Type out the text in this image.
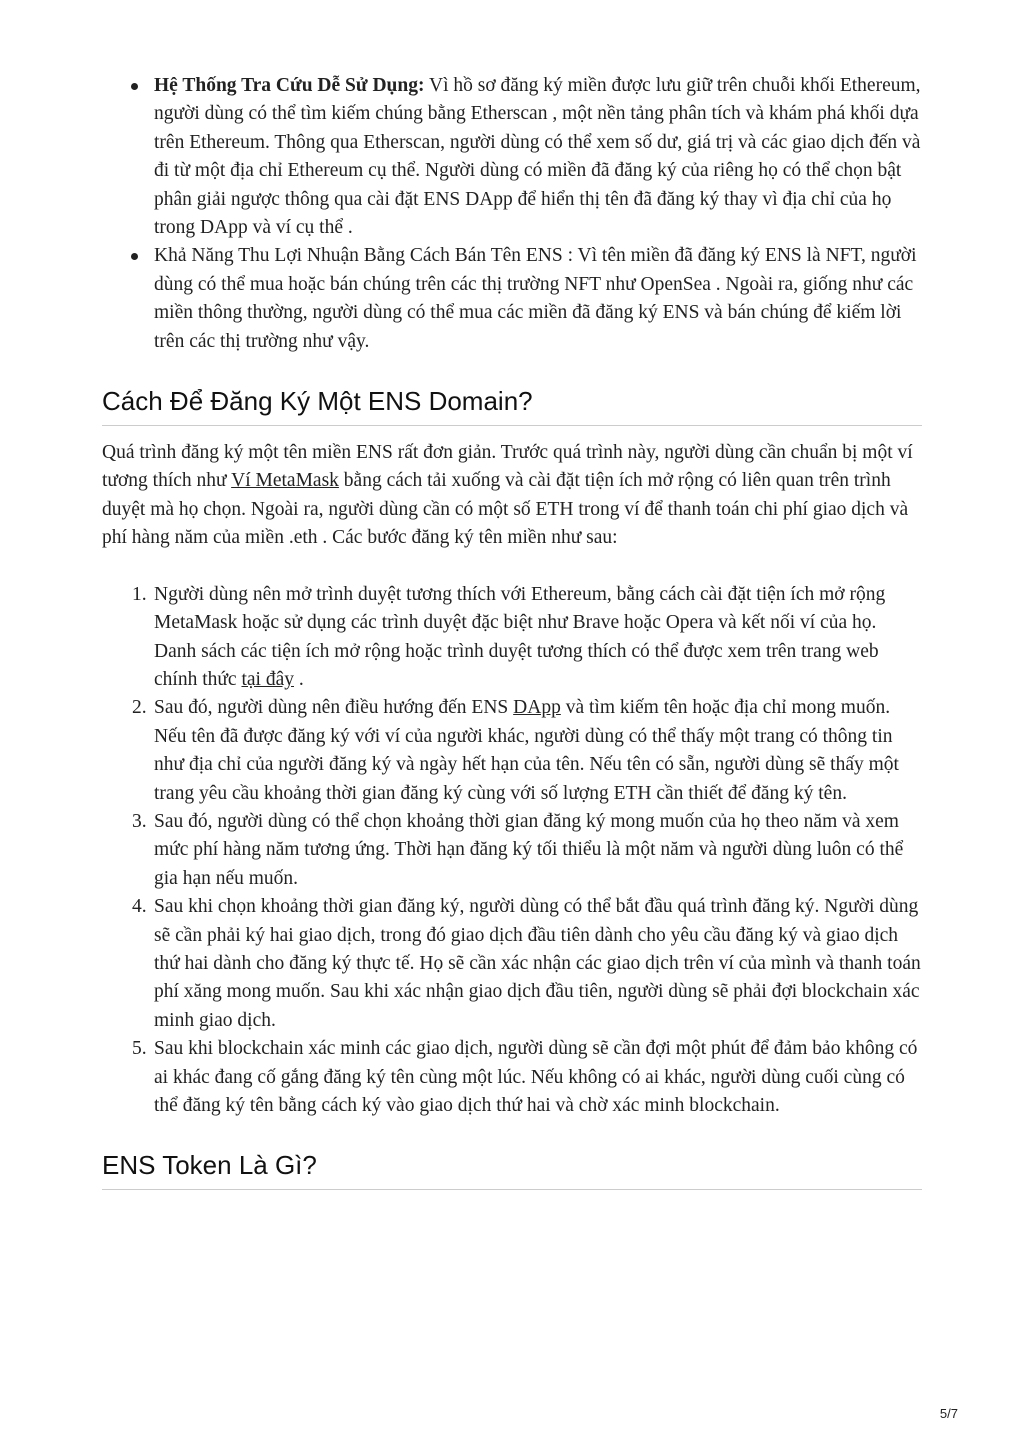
Hệ Thống Tra Cứu Dễ Sử Dụng: Vì hồ sơ đăng ký miền được lưu giữ trên chuỗi khối Ethereum, người dùng có thể tìm kiếm chúng bằng Etherscan , một nền tảng phân tích và khám phá khối dựa trên Ethereum. Thông qua Etherscan, người dùng có thể xem số dư, giá trị và các giao dịch đến và đi từ một địa chỉ Ethereum cụ thể. Người dùng có miền đã đăng ký của riêng họ có thể chọn bật phân giải ngược thông qua cài đặt ENS DApp để hiển thị tên đã đăng ký thay vì địa chỉ của họ trong DApp và ví cụ thể .
Khả Năng Thu Lợi Nhuận Bằng Cách Bán Tên ENS : Vì tên miền đã đăng ký ENS là NFT, người dùng có thể mua hoặc bán chúng trên các thị trường NFT như OpenSea . Ngoài ra, giống như các miền thông thường, người dùng có thể mua các miền đã đăng ký ENS và bán chúng để kiếm lời trên các thị trường như vậy.
Cách Để Đăng Ký Một ENS Domain?

Quá trình đăng ký một tên miền ENS rất đơn giản. Trước quá trình này, người dùng cần chuẩn bị một ví tương thích như Ví MetaMask bằng cách tải xuống và cài đặt tiện ích mở rộng có liên quan trên trình duyệt mà họ chọn. Ngoài ra, người dùng cần có một số ETH trong ví để thanh toán chi phí giao dịch và phí hàng năm của miền .eth . Các bước đăng ký tên miền như sau:

1. Người dùng nên mở trình duyệt tương thích với Ethereum, bằng cách cài đặt tiện ích mở rộng MetaMask hoặc sử dụng các trình duyệt đặc biệt như Brave hoặc Opera và kết nối ví của họ. Danh sách các tiện ích mở rộng hoặc trình duyệt tương thích có thể được xem trên trang web chính thức tại đây .
2. Sau đó, người dùng nên điều hướng đến ENS DApp và tìm kiếm tên hoặc địa chỉ mong muốn. Nếu tên đã được đăng ký với ví của người khác, người dùng có thể thấy một trang có thông tin như địa chỉ của người đăng ký và ngày hết hạn của tên. Nếu tên có sẵn, người dùng sẽ thấy một trang yêu cầu khoảng thời gian đăng ký cùng với số lượng ETH cần thiết để đăng ký tên.
3. Sau đó, người dùng có thể chọn khoảng thời gian đăng ký mong muốn của họ theo năm và xem mức phí hàng năm tương ứng. Thời hạn đăng ký tối thiểu là một năm và người dùng luôn có thể gia hạn nếu muốn.
4. Sau khi chọn khoảng thời gian đăng ký, người dùng có thể bắt đầu quá trình đăng ký. Người dùng sẽ cần phải ký hai giao dịch, trong đó giao dịch đầu tiên dành cho yêu cầu đăng ký và giao dịch thứ hai dành cho đăng ký thực tế. Họ sẽ cần xác nhận các giao dịch trên ví của mình và thanh toán phí xăng mong muốn. Sau khi xác nhận giao dịch đầu tiên, người dùng sẽ phải đợi blockchain xác minh giao dịch.
5. Sau khi blockchain xác minh các giao dịch, người dùng sẽ cần đợi một phút để đảm bảo không có ai khác đang cố gắng đăng ký tên cùng một lúc. Nếu không có ai khác, người dùng cuối cùng có thể đăng ký tên bằng cách ký vào giao dịch thứ hai và chờ xác minh blockchain.
ENS Token Là Gì?
5/7
